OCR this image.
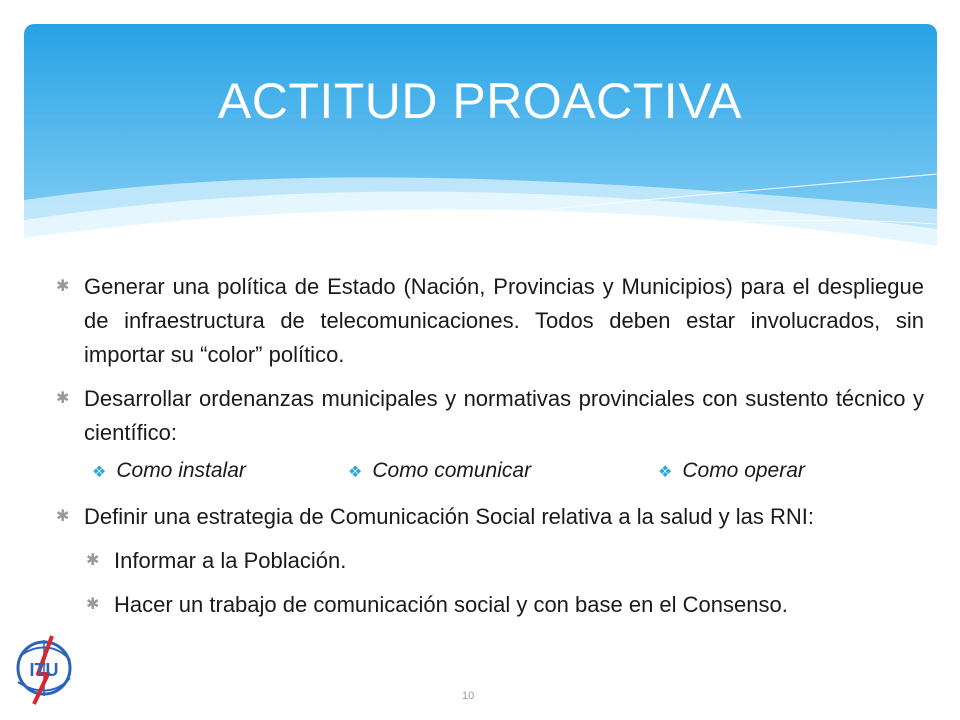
ACTITUD PROACTIVA
✱ Generar una política de Estado (Nación, Provincias y Municipios) para el despliegue de infraestructura de telecomunicaciones. Todos deben estar involucrados, sin importar su “color” político.
✱ Desarrollar ordenanzas municipales y normativas provinciales con sustento técnico y científico:
❖ Como instalar	❖ Como comunicar	❖ Como operar
✱ Definir una estrategia de Comunicación Social relativa a la salud y las RNI:
✱ Informar a la Población.
✱ Hacer un trabajo de comunicación social y con base en el Consenso.
ITU
10
